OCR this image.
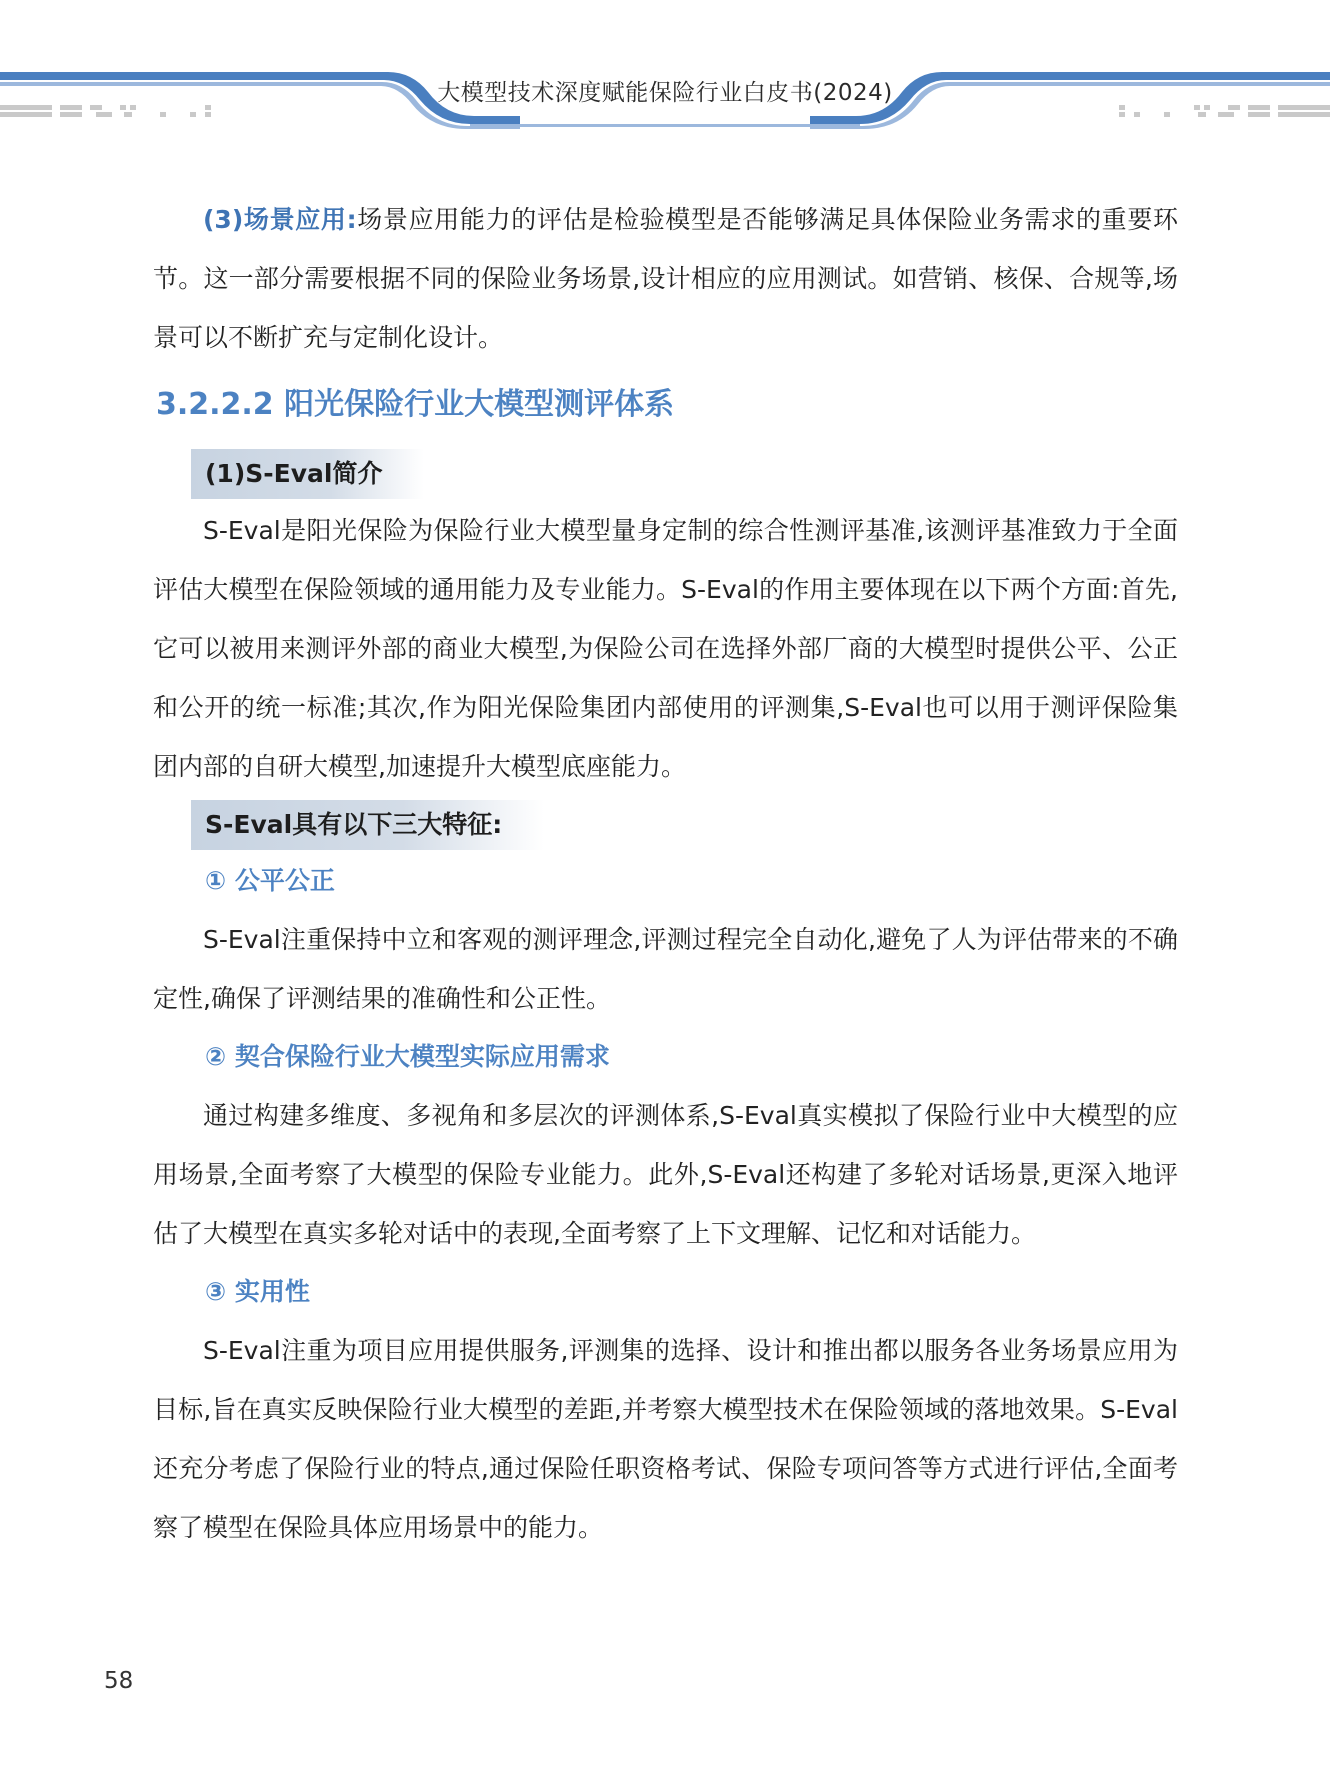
大模型技术深度赋能保险行业白皮书(2024)

(3)场景应用:场景应用能力的评估是检验模型是否能够满足具体保险业务需求的重要环节。这一部分需要根据不同的保险业务场景,设计相应的应用测试。如营销、核保、合规等,场景可以不断扩充与定制化设计。

3.2.2.2 阳光保险行业大模型测评体系
(1)S-Eval简介

S-Eval是阳光保险为保险行业大模型量身定制的综合性测评基准,该测评基准致力于全面评估大模型在保险领域的通用能力及专业能力。S-Eval的作用主要体现在以下两个方面:首先,它可以被用来测评外部的商业大模型,为保险公司在选择外部厂商的大模型时提供公平、公正和公开的统一标准;其次,作为阳光保险集团内部使用的评测集,S-Eval也可以用于测评保险集团内部的自研大模型,加速提升大模型底座能力。

S-Eval具有以下三大特征:
① 公平公正

S-Eval注重保持中立和客观的测评理念,评测过程完全自动化,避免了人为评估带来的不确定性,确保了评测结果的准确性和公正性。

② 契合保险行业大模型实际应用需求

通过构建多维度、多视角和多层次的评测体系,S-Eval真实模拟了保险行业中大模型的应用场景,全面考察了大模型的保险专业能力。此外,S-Eval还构建了多轮对话场景,更深入地评估了大模型在真实多轮对话中的表现,全面考察了上下文理解、记忆和对话能力。

③ 实用性

S-Eval注重为项目应用提供服务,评测集的选择、设计和推出都以服务各业务场景应用为目标,旨在真实反映保险行业大模型的差距,并考察大模型技术在保险领域的落地效果。S-Eval还充分考虑了保险行业的特点,通过保险任职资格考试、保险专项问答等方式进行评估,全面考察了模型在保险具体应用场景中的能力。

58
